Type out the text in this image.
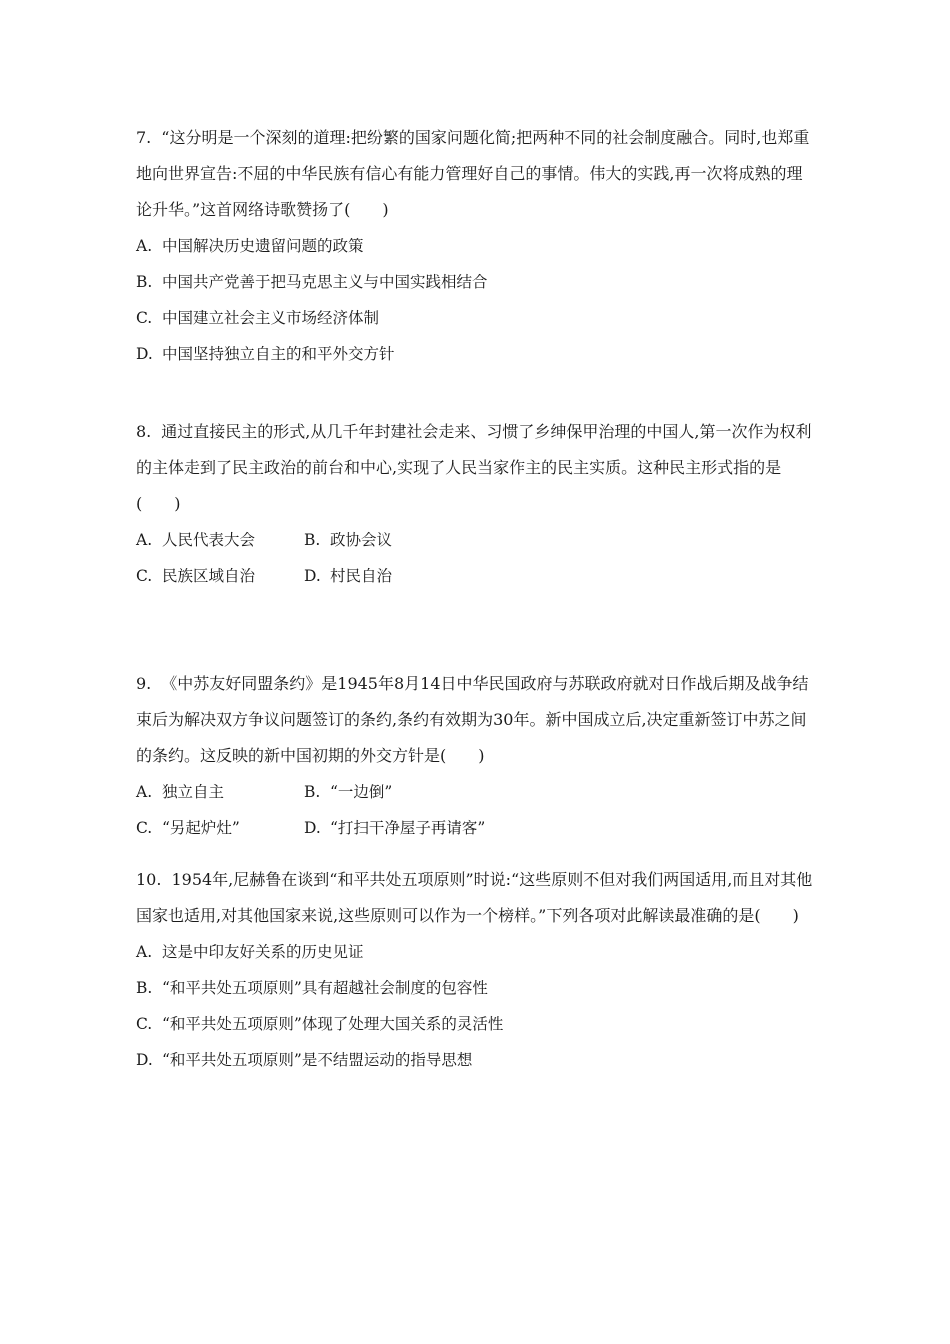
7. “这分明是一个深刻的道理:把纷繁的国家问题化简;把两种不同的社会制度融合。同时,也郑重地向世界宣告:不屈的中华民族有信心有能力管理好自己的事情。伟大的实践,再一次将成熟的理论升华。”这首网络诗歌赞扬了(　　)

A. 中国解决历史遗留问题的政策

B. 中国共产党善于把马克思主义与中国实践相结合

C. 中国建立社会主义市场经济体制

D. 中国坚持独立自主的和平外交方针

8. 通过直接民主的形式,从几千年封建社会走来、习惯了乡绅保甲治理的中国人,第一次作为权利的主体走到了民主政治的前台和中心,实现了人民当家作主的民主实质。这种民主形式指的是　(　　)

A. 人民代表大会	B. 政协会议
C. 民族区域自治	D. 村民自治

9. 《中苏友好同盟条约》是1945年8月14日中华民国政府与苏联政府就对日作战后期及战争结束后为解决双方争议问题签订的条约,条约有效期为30年。新中国成立后,决定重新签订中苏之间的条约。这反映的新中国初期的外交方针是(　　)

A. 独立自主	B. “一边倒”
C. “另起炉灶”	D. “打扫干净屋子再请客”

10. 1954年,尼赫鲁在谈到“和平共处五项原则”时说:“这些原则不但对我们两国适用,而且对其他国家也适用,对其他国家来说,这些原则可以作为一个榜样。”下列各项对此解读最准确的是(　　)

A. 这是中印友好关系的历史见证

B. “和平共处五项原则”具有超越社会制度的包容性

C. “和平共处五项原则”体现了处理大国关系的灵活性

D. “和平共处五项原则”是不结盟运动的指导思想
